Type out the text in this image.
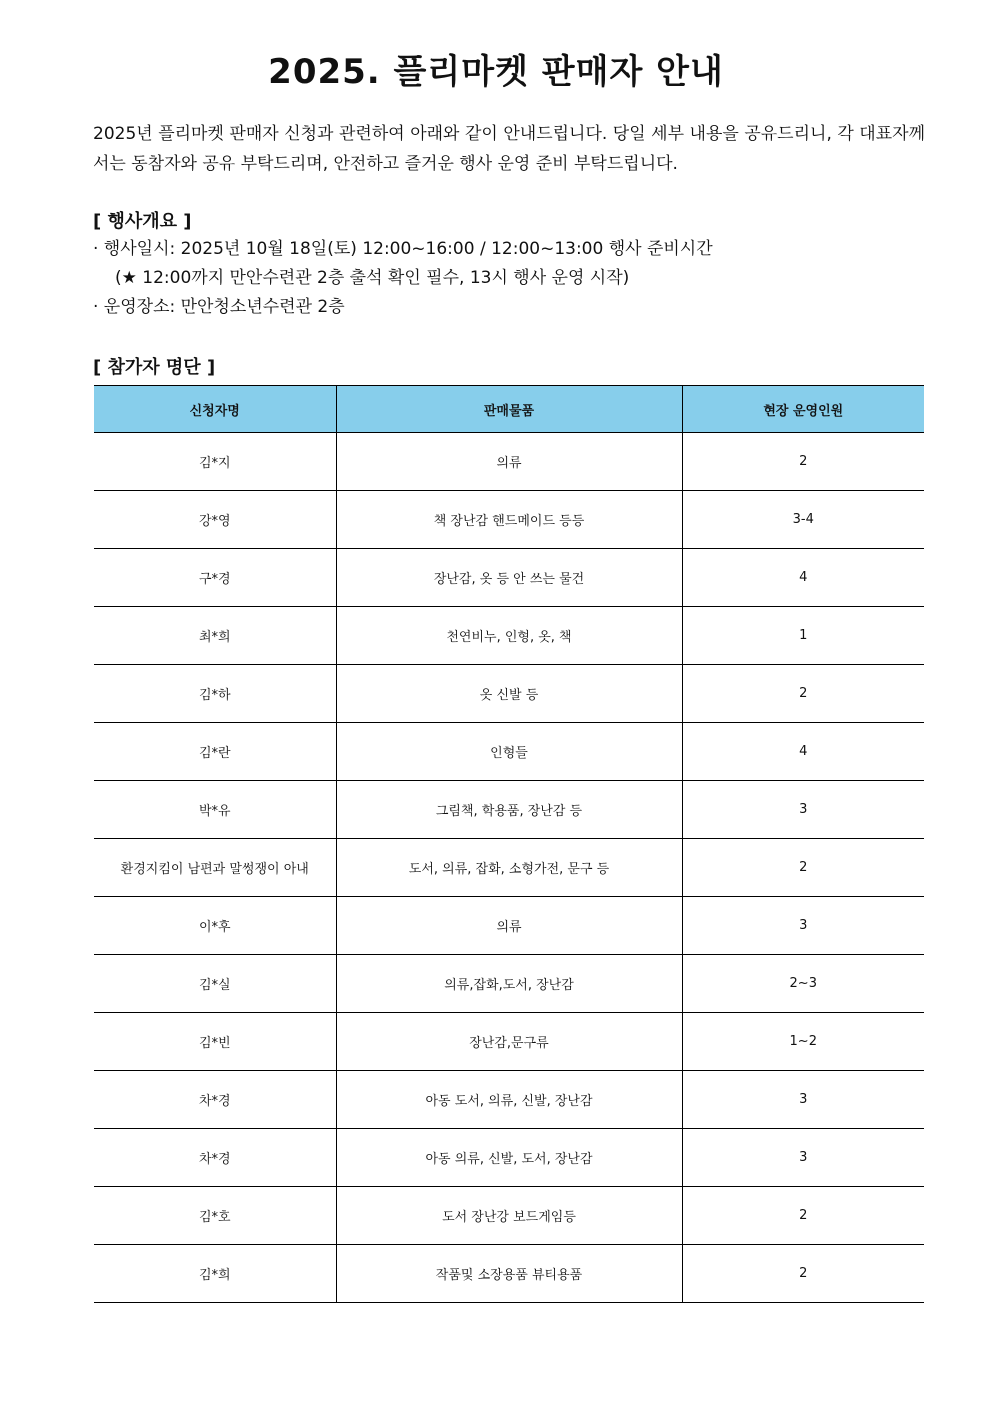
2025. 플리마켓 판매자 안내
2025년 플리마켓 판매자 신청과 관련하여 아래와 같이 안내드립니다. 당일 세부 내용을 공유드리니, 각 대표자께서는 동참자와 공유 부탁드리며, 안전하고 즐거운 행사 운영 준비 부탁드립니다.
[ 행사개요 ]
· 행사일시: 2025년 10월 18일(토) 12:00~16:00 / 12:00~13:00 행사 준비시간
(★ 12:00까지 만안수련관 2층 출석 확인 필수, 13시 행사 운영 시작)
· 운영장소: 만안청소년수련관 2층
[ 참가자 명단 ]
신청자명	판매물품	현장 운영인원
김*지	의류	2
강*영	책 장난감 핸드메이드 등등	3-4
구*경	장난감, 옷 등 안 쓰는 물건	4
최*희	천연비누, 인형, 옷, 책	1
김*하	옷 신발 등	2
김*란	인형들	4
박*유	그림책, 학용품, 장난감 등	3
환경지킴이 남편과 말썽쟁이 아내	도서, 의류, 잡화, 소형가전, 문구 등	2
이*후	의류	3
김*실	의류,잡화,도서, 장난감	2~3
김*빈	장난감,문구류	1~2
차*경	아동 도서, 의류, 신발, 장난감	3
차*경	아동 의류, 신발, 도서, 장난감	3
김*호	도서 장난강 보드게임등	2
김*희	작품및 소장용품 뷰티용품	2
